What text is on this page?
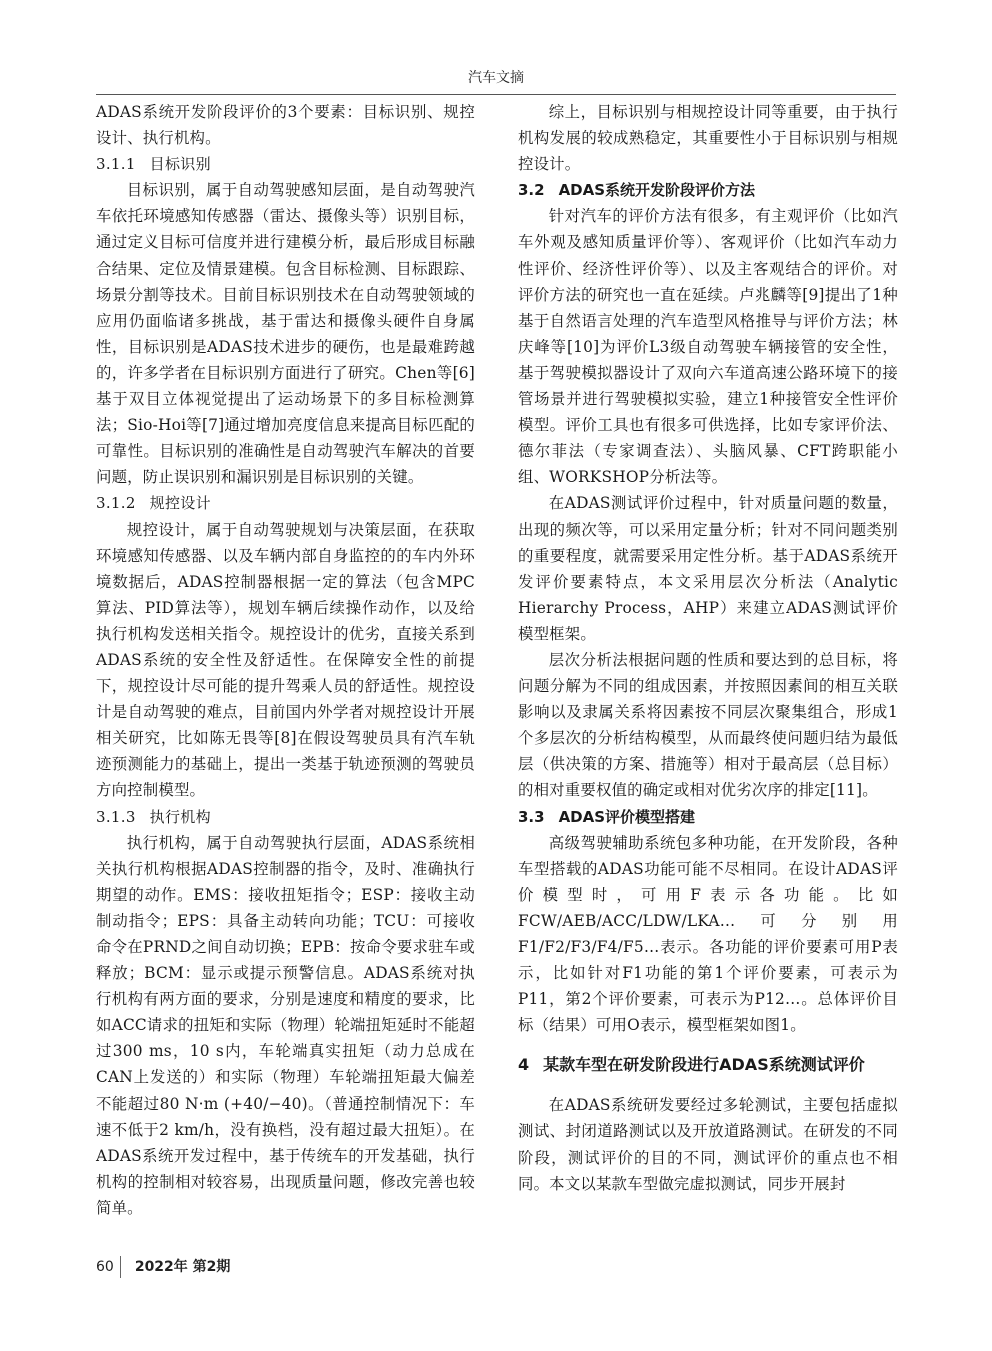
汽车文摘

ADAS系统开发阶段评价的3个要素：目标识别、规控设计、执行机构。

3.1.1 目标识别

目标识别，属于自动驾驶感知层面，是自动驾驶汽车依托环境感知传感器（雷达、摄像头等）识别目标，通过定义目标可信度并进行建模分析，最后形成目标融合结果、定位及情景建模。包含目标检测、目标跟踪、场景分割等技术。目前目标识别技术在自动驾驶领域的应用仍面临诸多挑战，基于雷达和摄像头硬件自身属性，目标识别是ADAS技术进步的硬伤，也是最难跨越的，许多学者在目标识别方面进行了研究。Chen等[6]基于双目立体视觉提出了运动场景下的多目标检测算法；Sio-Hoi等[7]通过增加亮度信息来提高目标匹配的可靠性。目标识别的准确性是自动驾驶汽车解决的首要问题，防止误识别和漏识别是目标识别的关键。

3.1.2 规控设计

规控设计，属于自动驾驶规划与决策层面，在获取环境感知传感器、以及车辆内部自身监控的的车内外环境数据后，ADAS控制器根据一定的算法（包含MPC算法、PID算法等），规划车辆后续操作动作，以及给执行机构发送相关指令。规控设计的优劣，直接关系到ADAS系统的安全性及舒适性。在保障安全性的前提下，规控设计尽可能的提升驾乘人员的舒适性。规控设计是自动驾驶的难点，目前国内外学者对规控设计开展相关研究，比如陈无畏等[8]在假设驾驶员具有汽车轨迹预测能力的基础上，提出一类基于轨迹预测的驾驶员方向控制模型。

3.1.3 执行机构

执行机构，属于自动驾驶执行层面，ADAS系统相关执行机构根据ADAS控制器的指令，及时、准确执行期望的动作。EMS：接收扭矩指令；ESP：接收主动制动指令；EPS：具备主动转向功能；TCU：可接收命令在PRND之间自动切换；EPB：按命令要求驻车或释放；BCM：显示或提示预警信息。ADAS系统对执行机构有两方面的要求，分别是速度和精度的要求，比如ACC请求的扭矩和实际（物理）轮端扭矩延时不能超过300 ms，10 s内，车轮端真实扭矩（动力总成在CAN上发送的）和实际（物理）车轮端扭矩最大偏差不能超过80 N·m (+40/−40)。（普通控制情况下：车速不低于2 km/h，没有换档，没有超过最大扭矩）。在ADAS系统开发过程中，基于传统车的开发基础，执行机构的控制相对较容易，出现质量问题，修改完善也较简单。

综上，目标识别与相规控设计同等重要，由于执行机构发展的较成熟稳定，其重要性小于目标识别与相规控设计。

3.2 ADAS系统开发阶段评价方法

针对汽车的评价方法有很多，有主观评价（比如汽车外观及感知质量评价等）、客观评价（比如汽车动力性评价、经济性评价等）、以及主客观结合的评价。对评价方法的研究也一直在延续。卢兆麟等[9]提出了1种基于自然语言处理的汽车造型风格推导与评价方法；林庆峰等[10]为评价L3级自动驾驶车辆接管的安全性，基于驾驶模拟器设计了双向六车道高速公路环境下的接管场景并进行驾驶模拟实验，建立1种接管安全性评价模型。评价工具也有很多可供选择，比如专家评价法、德尔菲法（专家调查法）、头脑风暴、CFT跨职能小组、WORKSHOP分析法等。

在ADAS测试评价过程中，针对质量问题的数量，出现的频次等，可以采用定量分析；针对不同问题类别的重要程度，就需要采用定性分析。基于ADAS系统开发评价要素特点，本文采用层次分析法（Analytic Hierarchy Process，AHP）来建立ADAS测试评价模型框架。

层次分析法根据问题的性质和要达到的总目标，将问题分解为不同的组成因素，并按照因素间的相互关联影响以及隶属关系将因素按不同层次聚集组合，形成1个多层次的分析结构模型，从而最终使问题归结为最低层（供决策的方案、措施等）相对于最高层（总目标）的相对重要权值的确定或相对优劣次序的排定[11]。

3.3 ADAS评价模型搭建

高级驾驶辅助系统包多种功能，在开发阶段，各种车型搭载的ADAS功能可能不尽相同。在设计ADAS评价模型时，可用F表示各功能。比如FCW/AEB/ACC/LDW/LKA…可分别用F1/F2/F3/F4/F5…表示。各功能的评价要素可用P表示，比如针对F1功能的第1个评价要素，可表示为P11，第2个评价要素，可表示为P12…。总体评价目标（结果）可用O表示，模型框架如图1。

4 某款车型在研发阶段进行ADAS系统测试评价

在ADAS系统研发要经过多轮测试，主要包括虚拟测试、封闭道路测试以及开放道路测试。在研发的不同阶段，测试评价的目的不同，测试评价的重点也不相同。本文以某款车型做完虚拟测试，同步开展封

60 2022年 第2期
